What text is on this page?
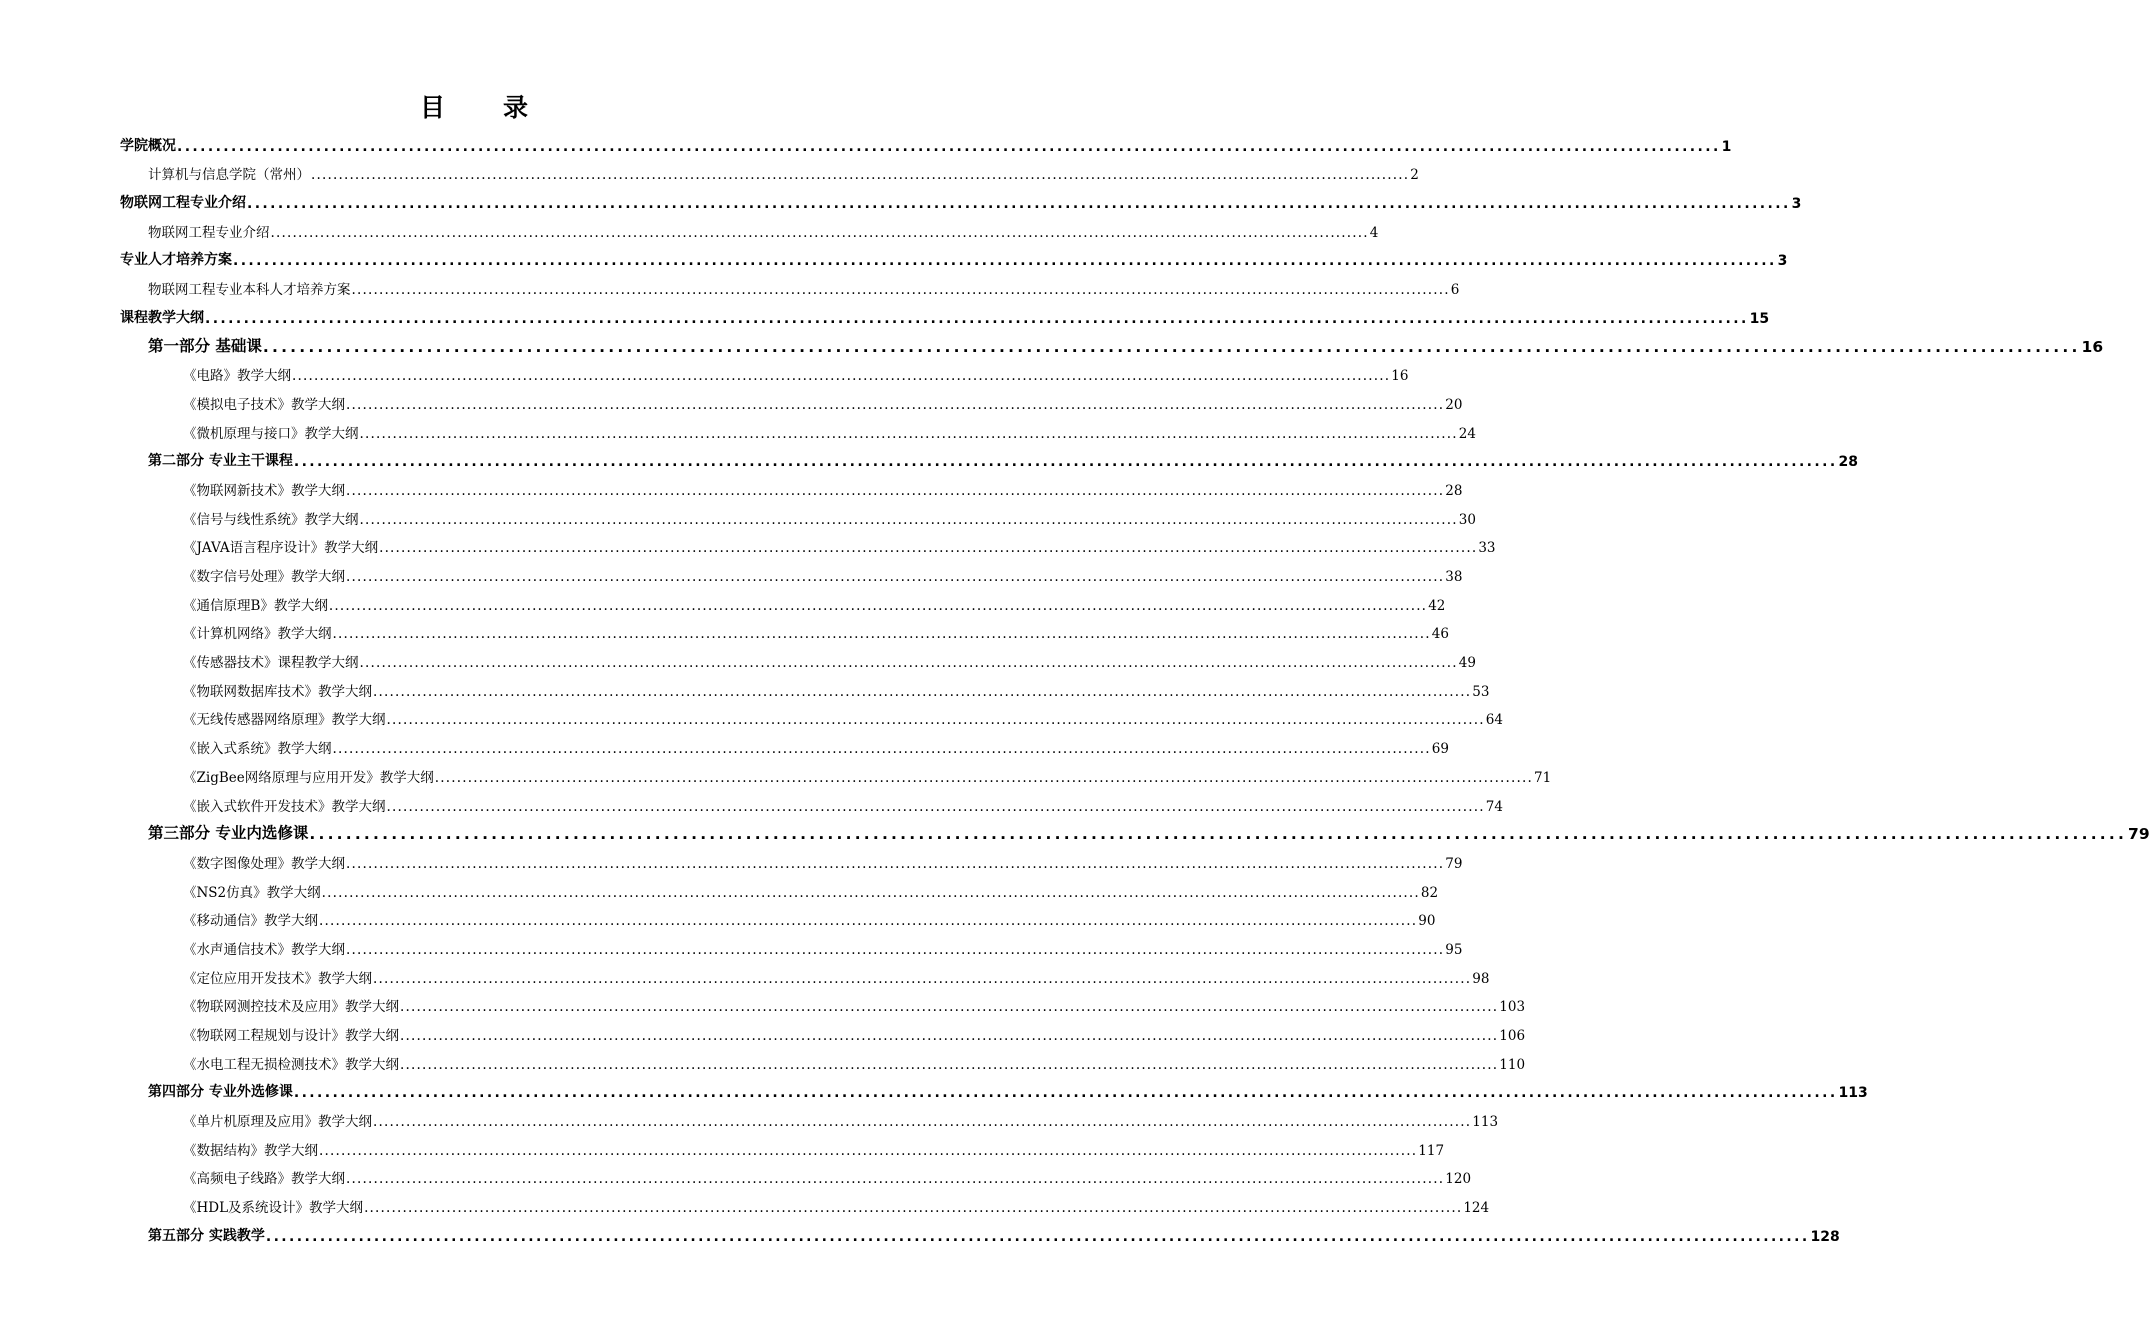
目 录
学院概况 ........................................................................................................................................................................................................ 1
计算机与信息学院（常州） ........................................................................................................................................................................................................ 2
物联网工程专业介绍 ........................................................................................................................................................................................................ 3
物联网工程专业介绍 ........................................................................................................................................................................................................ 4
专业人才培养方案 ........................................................................................................................................................................................................ 3
物联网工程专业本科人才培养方案 ........................................................................................................................................................................................................ 6
课程教学大纲 ........................................................................................................................................................................................................ 15
第一部分 基础课 ........................................................................................................................................................................................................ 16
《电路》教学大纲 ........................................................................................................................................................................................................ 16
《模拟电子技术》教学大纲 ........................................................................................................................................................................................................ 20
《微机原理与接口》教学大纲 ........................................................................................................................................................................................................ 24
第二部分 专业主干课程 ........................................................................................................................................................................................................ 28
《物联网新技术》教学大纲 ........................................................................................................................................................................................................ 28
《信号与线性系统》教学大纲 ........................................................................................................................................................................................................ 30
《JAVA语言程序设计》教学大纲 ........................................................................................................................................................................................................ 33
《数字信号处理》教学大纲 ........................................................................................................................................................................................................ 38
《通信原理B》教学大纲 ........................................................................................................................................................................................................ 42
《计算机网络》教学大纲 ........................................................................................................................................................................................................ 46
《传感器技术》课程教学大纲 ........................................................................................................................................................................................................ 49
《物联网数据库技术》教学大纲 ........................................................................................................................................................................................................ 53
《无线传感器网络原理》教学大纲 ........................................................................................................................................................................................................ 64
《嵌入式系统》教学大纲 ........................................................................................................................................................................................................ 69
《ZigBee网络原理与应用开发》教学大纲 ........................................................................................................................................................................................................ 71
《嵌入式软件开发技术》教学大纲 ........................................................................................................................................................................................................ 74
第三部分 专业内选修课 ........................................................................................................................................................................................................ 79
《数字图像处理》教学大纲 ........................................................................................................................................................................................................ 79
《NS2仿真》教学大纲 ........................................................................................................................................................................................................ 82
《移动通信》教学大纲 ........................................................................................................................................................................................................ 90
《水声通信技术》教学大纲 ........................................................................................................................................................................................................ 95
《定位应用开发技术》教学大纲 ........................................................................................................................................................................................................ 98
《物联网测控技术及应用》教学大纲 ........................................................................................................................................................................................................ 103
《物联网工程规划与设计》教学大纲 ........................................................................................................................................................................................................ 106
《水电工程无损检测技术》教学大纲 ........................................................................................................................................................................................................ 110
第四部分 专业外选修课 ........................................................................................................................................................................................................ 113
《单片机原理及应用》教学大纲 ........................................................................................................................................................................................................ 113
《数据结构》教学大纲 ........................................................................................................................................................................................................ 117
《高频电子线路》教学大纲 ........................................................................................................................................................................................................ 120
《HDL及系统设计》教学大纲 ........................................................................................................................................................................................................ 124
第五部分 实践教学 ........................................................................................................................................................................................................ 128
